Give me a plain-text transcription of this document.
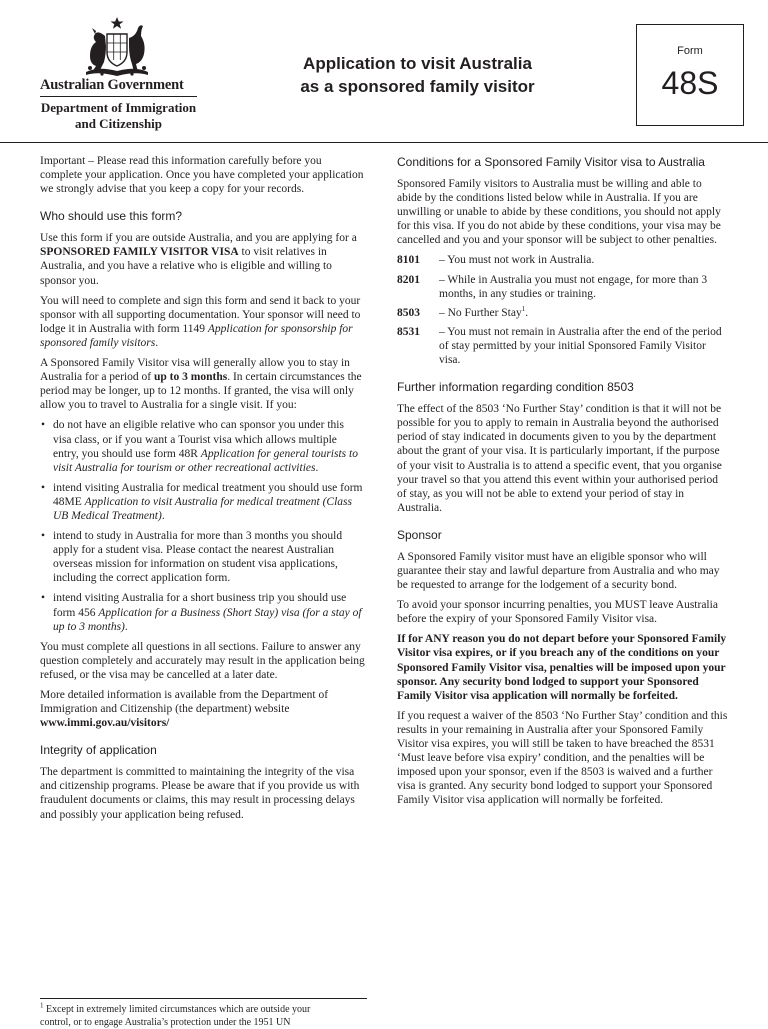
Australian Government
Department of Immigration
and Citizenship
Application to visit Australia
as a sponsored family visitor
Form
48S

Important – Please read this information carefully before you complete your application. Once you have completed your application we strongly advise that you keep a copy for your records.

Who should use this form?

Use this form if you are outside Australia, and you are applying for a SPONSORED FAMILY VISITOR VISA to visit relatives in Australia, and you have a relative who is eligible and willing to sponsor you.

You will need to complete and sign this form and send it back to your sponsor with all supporting documentation. Your sponsor will need to lodge it in Australia with form 1149 Application for sponsorship for sponsored family visitors.

A Sponsored Family Visitor visa will generally allow you to stay in Australia for a period of up to 3 months. In certain circumstances the period may be longer, up to 12 months. If granted, the visa will only allow you to travel to Australia for a single visit. If you:

• do not have an eligible relative who can sponsor you under this visa class, or if you want a Tourist visa which allows multiple entry, you should use form 48R Application for general tourists to visit Australia for tourism or other recreational activities.
• intend visiting Australia for medical treatment you should use form 48ME Application to visit Australia for medical treatment (Class UB Medical Treatment).
• intend to study in Australia for more than 3 months you should apply for a student visa. Please contact the nearest Australian overseas mission for information on student visa applications, including the correct application form.
• intend visiting Australia for a short business trip you should use form 456 Application for a Business (Short Stay) visa (for a stay of up to 3 months).

You must complete all questions in all sections. Failure to answer any question completely and accurately may result in the application being refused, or the visa may be cancelled at a later date.

More detailed information is available from the Department of Immigration and Citizenship (the department) website www.immi.gov.au/visitors/

Integrity of application

The department is committed to maintaining the integrity of the visa and citizenship programs. Please be aware that if you provide us with fraudulent documents or claims, this may result in processing delays and possibly your application being refused.

Conditions for a Sponsored Family Visitor visa to Australia

Sponsored Family visitors to Australia must be willing and able to abide by the conditions listed below while in Australia. If you are unwilling or unable to abide by these conditions, you should not apply for this visa. If you do not abide by these conditions, your visa may be cancelled and you and your sponsor will be subject to other penalties.

8101 – You must not work in Australia.
8201 – While in Australia you must not engage, for more than 3 months, in any studies or training.
8503 – No Further Stay$^1$.
8531 – You must not remain in Australia after the end of the period of stay permitted by your initial Sponsored Family Visitor visa.
Further information regarding condition 8503

The effect of the 8503 ‘No Further Stay’ condition is that it will not be possible for you to apply to remain in Australia beyond the authorised period of stay indicated in documents given to you by the department about the grant of your visa. It is particularly important, if the purpose of your visit to Australia is to attend a specific event, that you organise your travel so that you attend this event within your authorised period of stay, as you will not be able to extend your period of stay in Australia.

Sponsor

A Sponsored Family visitor must have an eligible sponsor who will guarantee their stay and lawful departure from Australia and who may be requested to arrange for the lodgement of a security bond.

To avoid your sponsor incurring penalties, you MUST leave Australia before the expiry of your Sponsored Family Visitor visa.

If for ANY reason you do not depart before your Sponsored Family Visitor visa expires, or if you breach any of the conditions on your Sponsored Family Visitor visa, penalties will be imposed upon your sponsor. Any security bond lodged to support your Sponsored Family Visitor visa application will normally be forfeited.

If you request a waiver of the 8503 ‘No Further Stay’ condition and this results in your remaining in Australia after your Sponsored Family Visitor visa expires, you will still be taken to have breached the 8531 ‘Must leave before visa expiry’ condition, and the penalties will be imposed upon your sponsor, even if the 8503 is waived and a further visa is granted. Any security bond lodged to support your Sponsored Family Visitor visa application will normally be forfeited.

$^1$ Except in extremely limited circumstances which are outside your
control, or to engage Australia’s protection under the 1951 UN
